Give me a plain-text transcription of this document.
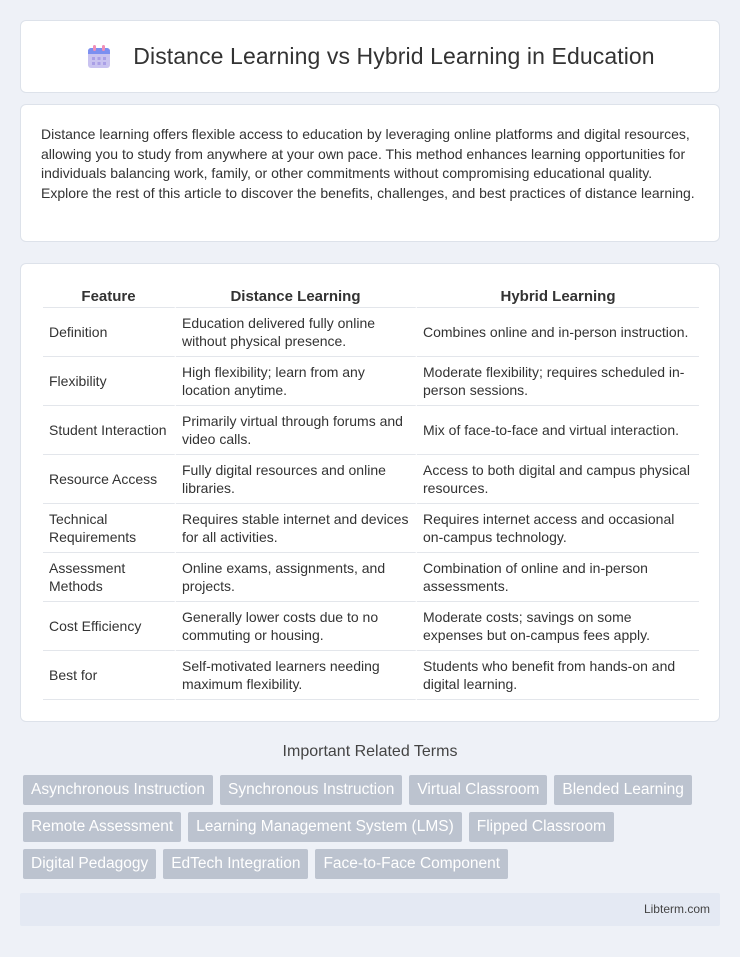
Distance Learning vs Hybrid Learning in Education

Distance learning offers flexible access to education by leveraging online platforms and digital resources, allowing you to study from anywhere at your own pace. This method enhances learning opportunities for individuals balancing work, family, or other commitments without compromising educational quality. Explore the rest of this article to discover the benefits, challenges, and best practices of distance learning.

Feature	Distance Learning	Hybrid Learning
Definition	Education delivered fully online without physical presence.	Combines online and in-person instruction.
Flexibility	High flexibility; learn from any location anytime.	Moderate flexibility; requires scheduled in-person sessions.
Student Interaction	Primarily virtual through forums and video calls.	Mix of face-to-face and virtual interaction.
Resource Access	Fully digital resources and online libraries.	Access to both digital and campus physical resources.
Technical Requirements	Requires stable internet and devices for all activities.	Requires internet access and occasional on-campus technology.
Assessment Methods	Online exams, assignments, and projects.	Combination of online and in-person assessments.
Cost Efficiency	Generally lower costs due to no commuting or housing.	Moderate costs; savings on some expenses but on-campus fees apply.
Best for	Self-motivated learners needing maximum flexibility.	Students who benefit from hands-on and digital learning.
Important Related Terms
Asynchronous Instruction	Synchronous Instruction	Virtual Classroom	Blended Learning
Remote Assessment	Learning Management System (LMS)	Flipped Classroom
Digital Pedagogy	EdTech Integration	Face-to-Face Component
Libterm.com
